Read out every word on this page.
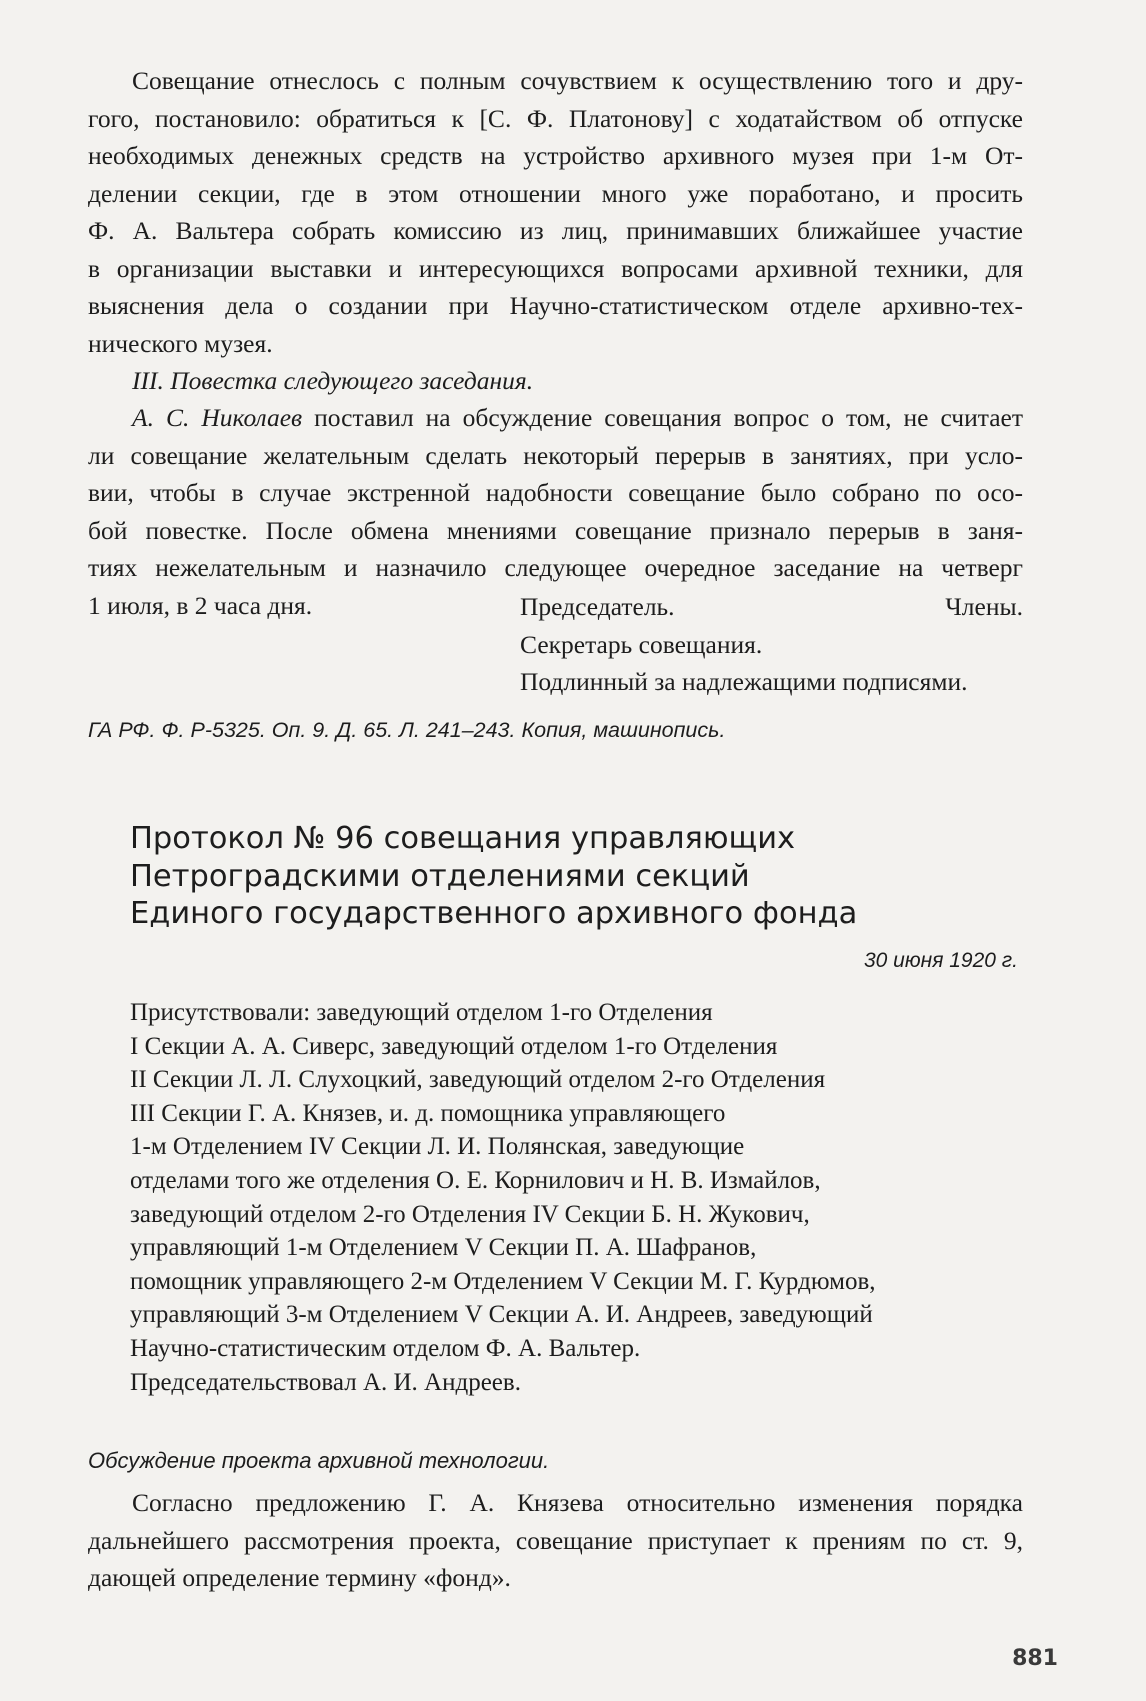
Совещание отнеслось с полным сочувствием к осуществлению того и дру-
гого, постановило: обратиться к [С. Ф. Платонову] с ходатайством об отпуске
необходимых денежных средств на устройство архивного музея при 1-м От-
делении секции, где в этом отношении много уже поработано, и просить
Ф. А. Вальтера собрать комиссию из лиц, принимавших ближайшее участие
в организации выставки и интересующихся вопросами архивной техники, для
выяснения дела о создании при Научно-статистическом отделе архивно-тех-
нического музея.
III. Повестка следующего заседания.
А. С. Николаев поставил на обсуждение совещания вопрос о том, не считает
ли совещание желательным сделать некоторый перерыв в занятиях, при усло-
вии, чтобы в случае экстренной надобности совещание было собрано по осо-
бой повестке. После обмена мнениями совещание признало перерыв в заня-
тиях нежелательным и назначило следующее очередное заседание на четверг
1 июля, в 2 часа дня.	Председатель.	Члены.
Секретарь совещания.
Подлинный за надлежащими подписями.
ГА РФ. Ф. Р-5325. Оп. 9. Д. 65. Л. 241–243. Копия, машинопись.
Протокол № 96 совещания управляющих
Петроградскими отделениями секций
Единого государственного архивного фонда
30 июня 1920 г.
Присутствовали: заведующий отделом 1-го Отделения
I Секции А. А. Сиверс, заведующий отделом 1-го Отделения
II Секции Л. Л. Слухоцкий, заведующий отделом 2-го Отделения
III Секции Г. А. Князев, и. д. помощника управляющего
1-м Отделением IV Секции Л. И. Полянская, заведующие
отделами того же отделения О. Е. Корнилович и Н. В. Измайлов,
заведующий отделом 2-го Отделения IV Секции Б. Н. Жукович,
управляющий 1-м Отделением V Секции П. А. Шафранов,
помощник управляющего 2-м Отделением V Секции М. Г. Курдюмов,
управляющий 3-м Отделением V Секции А. И. Андреев, заведующий
Научно-статистическим отделом Ф. А. Вальтер.
Председательствовал А. И. Андреев.
Обсуждение проекта архивной технологии.
Согласно предложению Г. А. Князева относительно изменения порядка
дальнейшего рассмотрения проекта, совещание приступает к прениям по ст. 9,
дающей определение термину «фонд».
881
